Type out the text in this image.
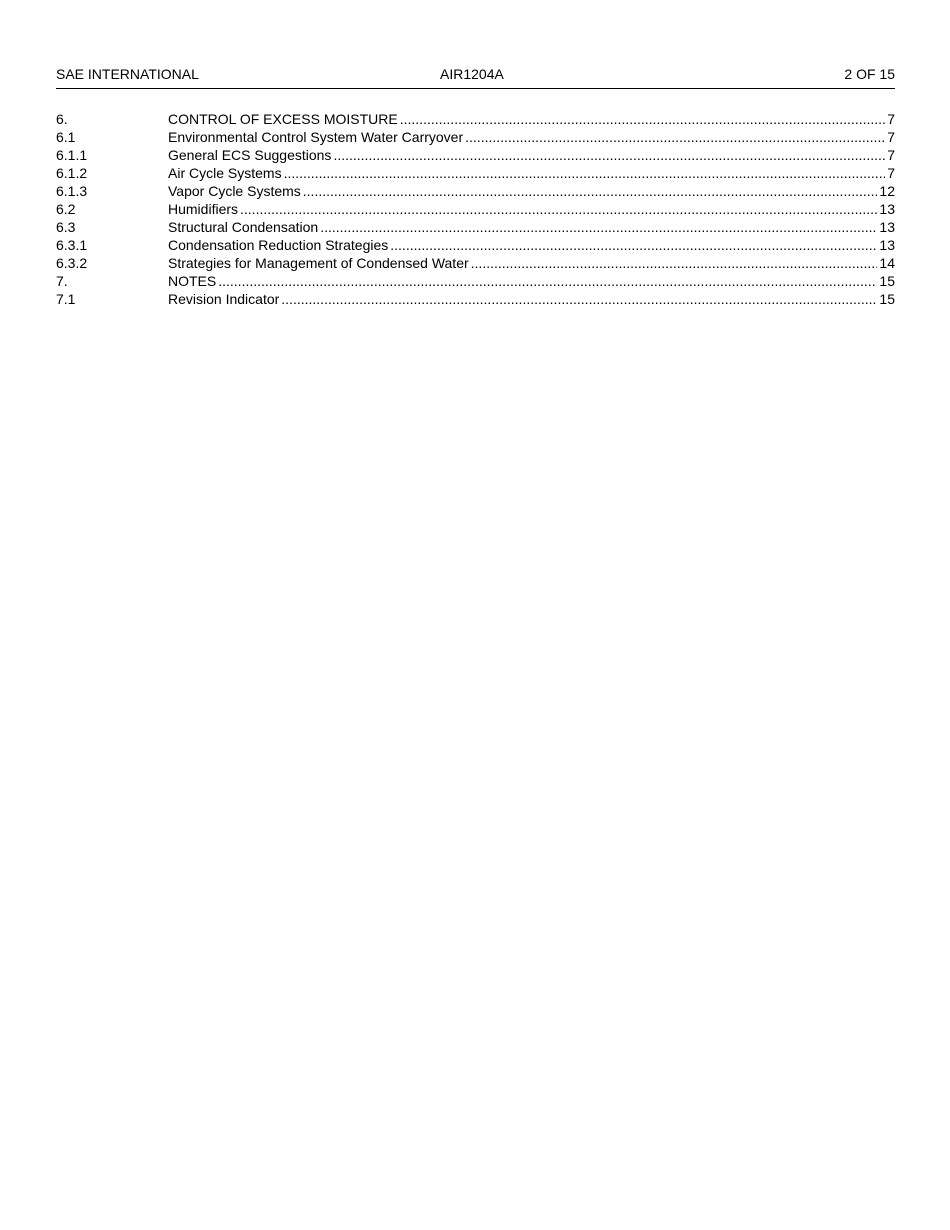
SAE INTERNATIONAL	AIR1204A	2 OF 15
6.	CONTROL OF EXCESS MOISTURE .....	7
6.1	Environmental Control System Water Carryover .....	7
6.1.1	General ECS Suggestions .....	7
6.1.2	Air Cycle Systems .....	7
6.1.3	Vapor Cycle Systems .....	12
6.2	Humidifiers .....	13
6.3	Structural Condensation .....	13
6.3.1	Condensation Reduction Strategies .....	13
6.3.2	Strategies for Management of Condensed Water .....	14
7.	NOTES .....	15
7.1	Revision Indicator .....	15
